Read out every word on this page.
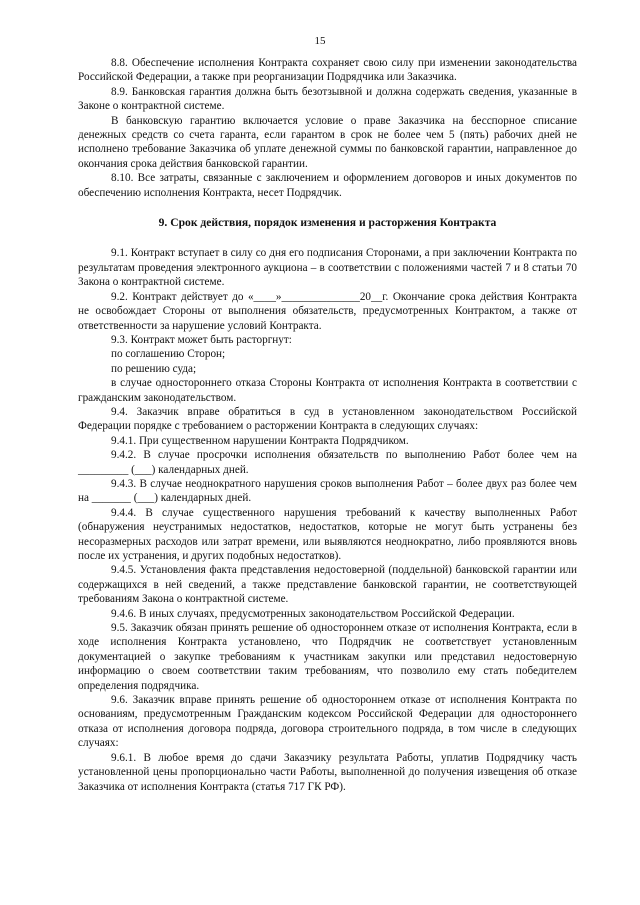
15

8.8. Обеспечение исполнения Контракта сохраняет свою силу при изменении законодательства Российской Федерации, а также при реорганизации Подрядчика или Заказчика.

8.9. Банковская гарантия должна быть безотзывной и должна содержать сведения, указанные в Законе о контрактной системе.

В банковскую гарантию включается условие о праве Заказчика на бесспорное списание денежных средств со счета гаранта, если гарантом в срок не более чем 5 (пять) рабочих дней не исполнено требование Заказчика об уплате денежной суммы по банковской гарантии, направленное до окончания срока действия банковской гарантии.

8.10. Все затраты, связанные с заключением и оформлением договоров и иных документов по обеспечению исполнения Контракта, несет Подрядчик.

9. Срок действия, порядок изменения и расторжения Контракта

9.1. Контракт вступает в силу со дня его подписания Сторонами, а при заключении Контракта по результатам проведения электронного аукциона – в соответствии с положениями частей 7 и 8 статьи 70 Закона о контрактной системе.

9.2. Контракт действует до «____»______________20__г. Окончание срока действия Контракта не освобождает Стороны от выполнения обязательств, предусмотренных Контрактом, а также от ответственности за нарушение условий Контракта.

9.3. Контракт может быть расторгнут:

по соглашению Сторон;

по решению суда;

в случае одностороннего отказа Стороны Контракта от исполнения Контракта в соответствии с гражданским законодательством.

9.4. Заказчик вправе обратиться в суд в установленном законодательством Российской Федерации порядке с требованием о расторжении Контракта в следующих случаях:

9.4.1. При существенном нарушении Контракта Подрядчиком.

9.4.2. В случае просрочки исполнения обязательств по выполнению Работ более чем на _________ (___) календарных дней.

9.4.3. В случае неоднократного нарушения сроков выполнения Работ – более двух раз более чем на _______ (___) календарных дней.

9.4.4. В случае существенного нарушения требований к качеству выполненных Работ (обнаружения неустранимых недостатков, недостатков, которые не могут быть устранены без несоразмерных расходов или затрат времени, или выявляются неоднократно, либо проявляются вновь после их устранения, и других подобных недостатков).

9.4.5. Установления факта представления недостоверной (поддельной) банковской гарантии или содержащихся в ней сведений, а также представление банковской гарантии, не соответствующей требованиям Закона о контрактной системе.

9.4.6. В иных случаях, предусмотренных законодательством Российской Федерации.

9.5. Заказчик обязан принять решение об одностороннем отказе от исполнения Контракта, если в ходе исполнения Контракта установлено, что Подрядчик не соответствует установленным документацией о закупке требованиям к участникам закупки или представил недостоверную информацию о своем соответствии таким требованиям, что позволило ему стать победителем определения подрядчика.

9.6. Заказчик вправе принять решение об одностороннем отказе от исполнения Контракта по основаниям, предусмотренным Гражданским кодексом Российской Федерации для одностороннего отказа от исполнения договора подряда, договора строительного подряда, в том числе в следующих случаях:

9.6.1. В любое время до сдачи Заказчику результата Работы, уплатив Подрядчику часть установленной цены пропорционально части Работы, выполненной до получения извещения об отказе Заказчика от исполнения Контракта (статья 717 ГК РФ).
